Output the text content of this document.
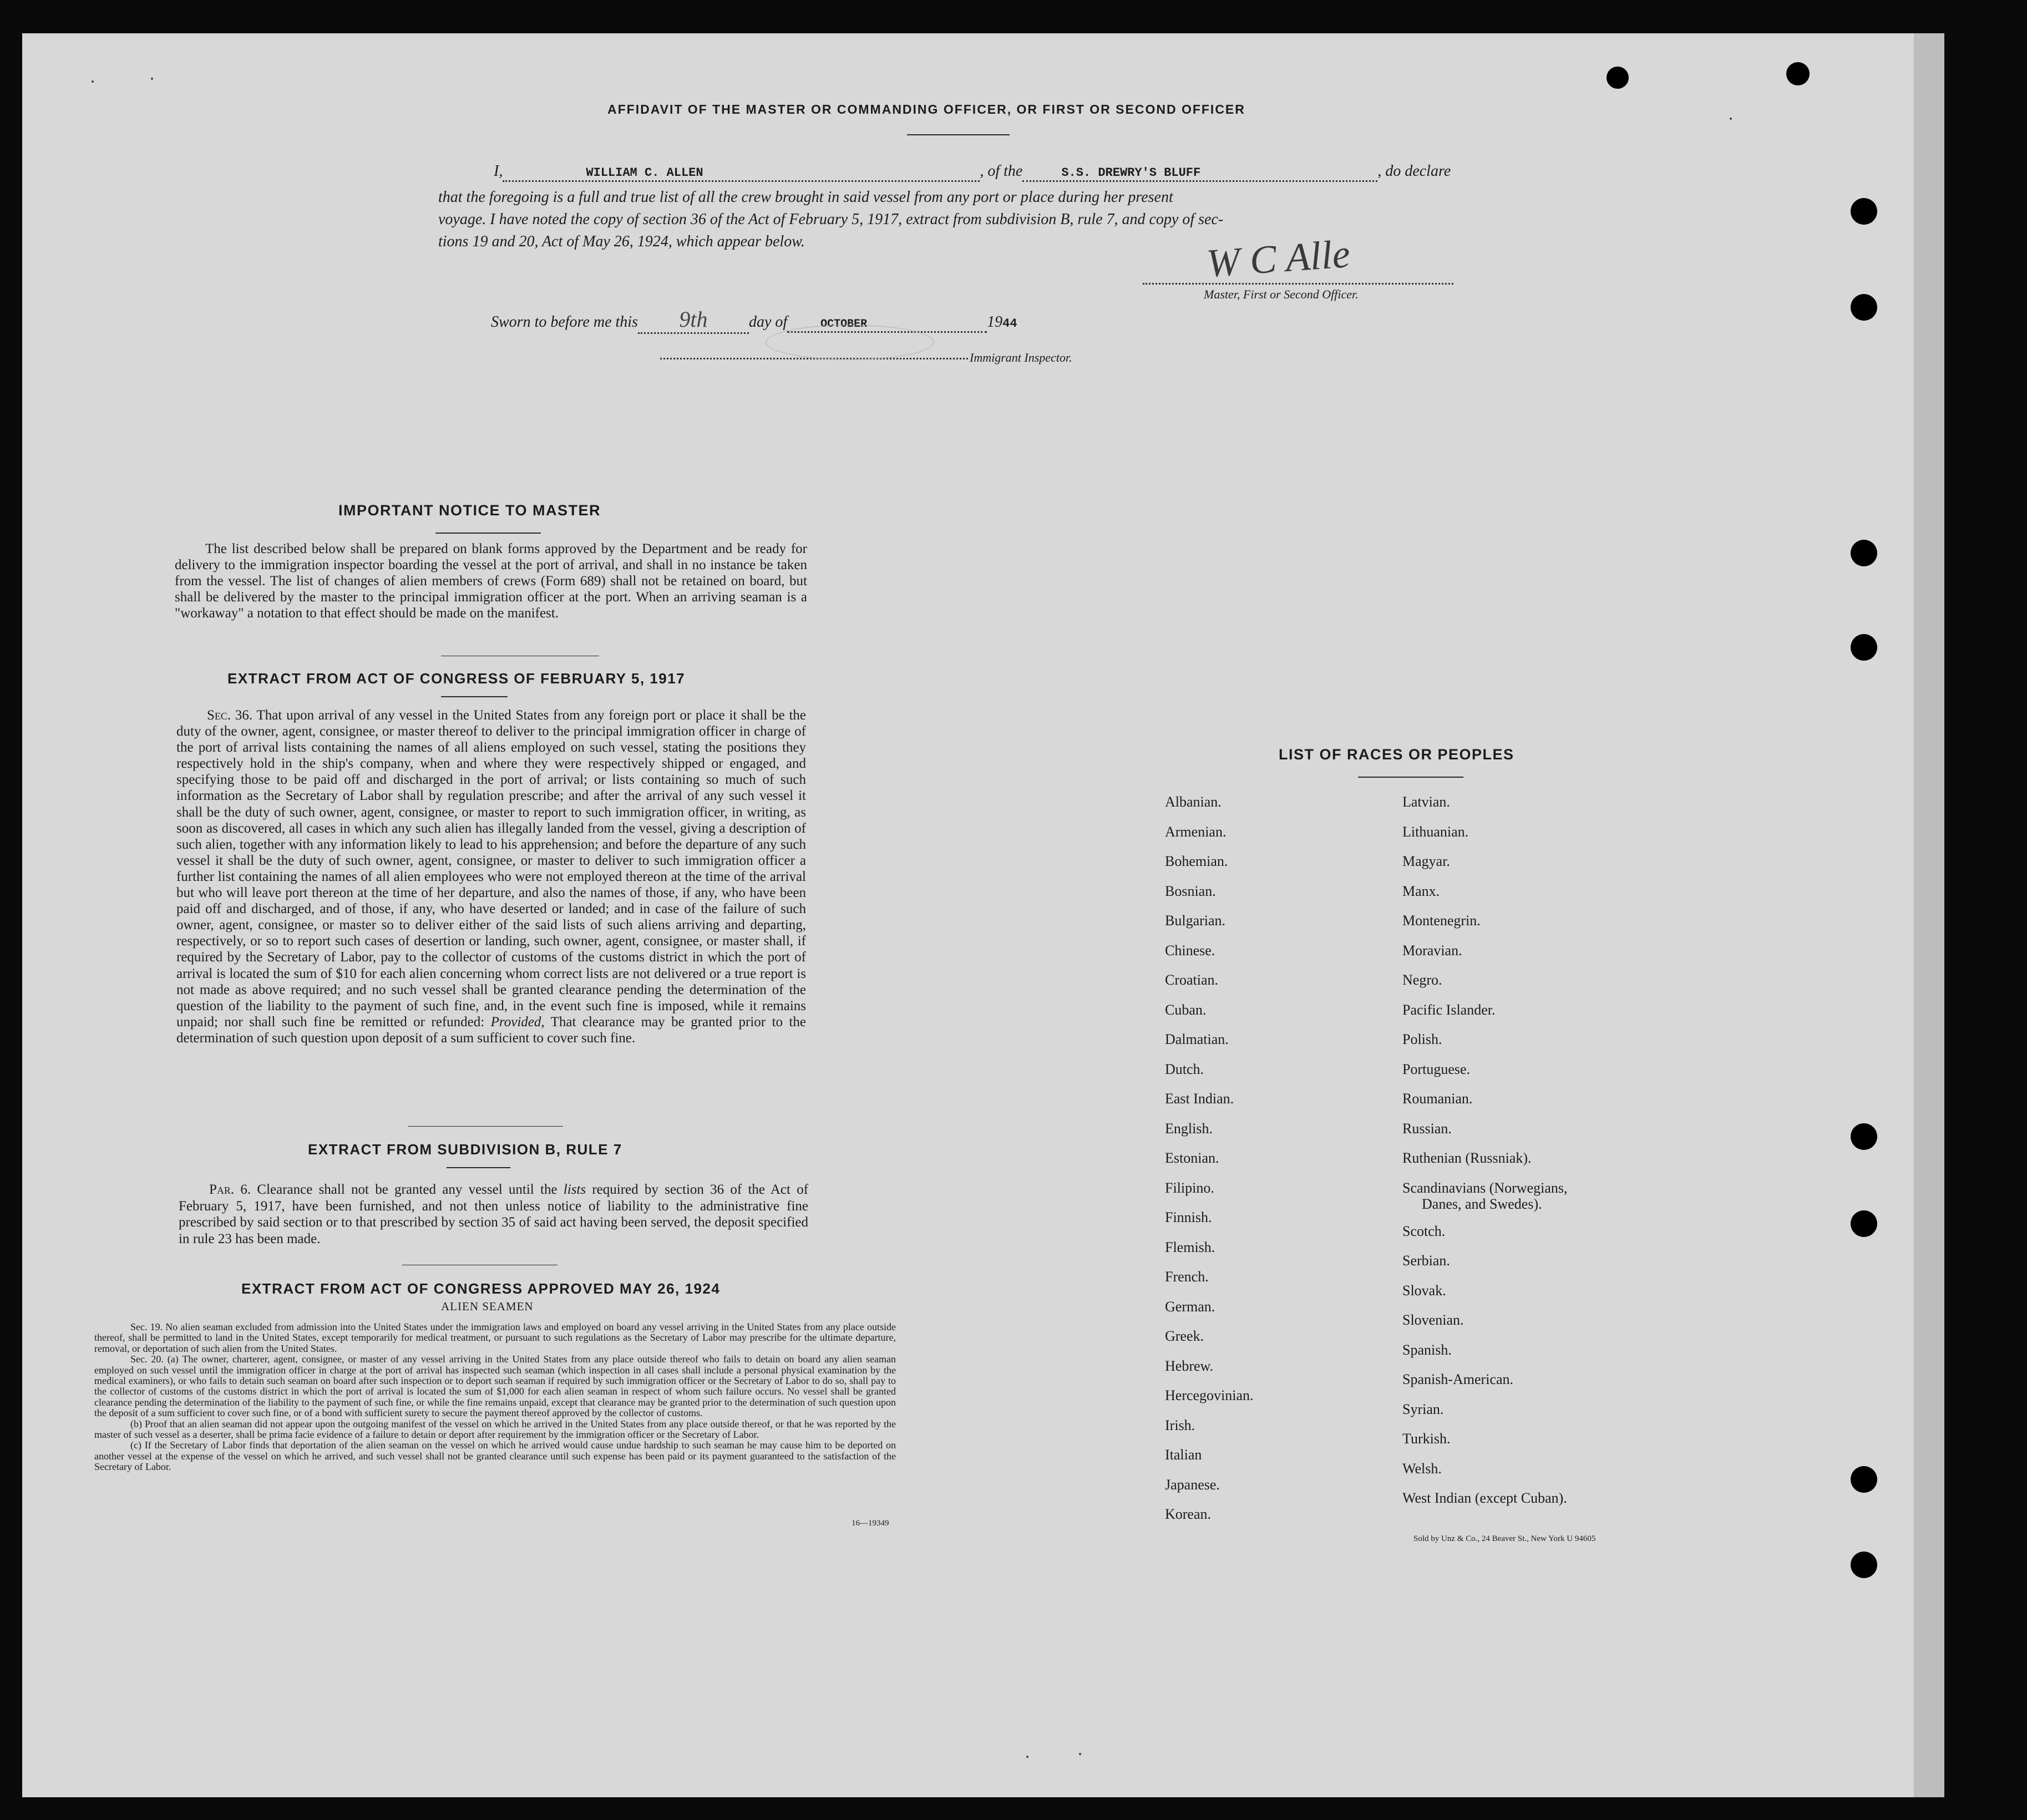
AFFIDAVIT OF THE MASTER OR COMMANDING OFFICER, OR FIRST OR SECOND OFFICER
I,	WILLIAM C. ALLEN	, of the	S.S. DREWRY'S BLUFF	, do declare
that the foregoing is a full and true list of all the crew brought in said vessel from any port or place during her present
voyage. I have noted the copy of section 36 of the Act of February 5, 1917, extract from subdivision B, rule 7, and copy of sec-
tions 19 and 20, Act of May 26, 1924, which appear below.	W C Alle
Master, First or Second Officer.
Sworn to before me this 9th	day of	OCTOBER	1944
Immigrant Inspector.
IMPORTANT NOTICE TO MASTER

The list described below shall be prepared on blank forms approved by the Department and be ready for delivery to the immigration inspector boarding the vessel at the port of arrival, and shall in no instance be taken from the vessel. The list of changes of alien members of crews (Form 689) shall not be retained on board, but shall be delivered by the master to the principal immigration officer at the port. When an arriving seaman is a "workaway" a notation to that effect should be made on the manifest.

EXTRACT FROM ACT OF CONGRESS OF FEBRUARY 5, 1917

Sec. 36. That upon arrival of any vessel in the United States from any foreign port or place it shall be the duty of the owner, agent, consignee, or master thereof to deliver to the principal immigration officer in charge of the port of arrival lists containing the names of all aliens employed on such vessel, stating the positions they respectively hold in the ship's company, when and where they were respectively shipped or engaged, and specifying those to be paid off and discharged in the port of arrival; or lists containing so much of such information as the Secretary of Labor shall by regulation prescribe; and after the arrival of any such vessel it shall be the duty of such owner, agent, consignee, or master to report to such immigration officer, in writing, as soon as discovered, all cases in which any such alien has illegally landed from the vessel, giving a description of such alien, together with any information likely to lead to his apprehension; and before the departure of any such vessel it shall be the duty of such owner, agent, consignee, or master to deliver to such immigration officer a further list containing the names of all alien employees who were not employed thereon at the time of the arrival but who will leave port thereon at the time of her departure, and also the names of those, if any, who have been paid off and discharged, and of those, if any, who have deserted or landed; and in case of the failure of such owner, agent, consignee, or master so to deliver either of the said lists of such aliens arriving and departing, respectively, or so to report such cases of desertion or landing, such owner, agent, consignee, or master shall, if required by the Secretary of Labor, pay to the collector of customs of the customs district in which the port of arrival is located the sum of $10 for each alien concerning whom correct lists are not delivered or a true report is not made as above required; and no such vessel shall be granted clearance pending the determination of the question of the liability to the payment of such fine, and, in the event such fine is imposed, while it remains unpaid; nor shall such fine be remitted or refunded: Provided, That clearance may be granted prior to the determination of such question upon deposit of a sum sufficient to cover such fine.

EXTRACT FROM SUBDIVISION B, RULE 7

Par. 6. Clearance shall not be granted any vessel until the lists required by section 36 of the Act of February 5, 1917, have been furnished, and not then unless notice of liability to the administrative fine prescribed by said section or to that prescribed by section 35 of said act having been served, the deposit specified in rule 23 has been made.

EXTRACT FROM ACT OF CONGRESS APPROVED MAY 26, 1924
ALIEN SEAMEN
Sec. 19. No alien seaman excluded from admission into the United States under the immigration laws and employed on board any vessel arriving in the United States from any place outside thereof, shall be permitted to land in the United States, except temporarily for medical treatment, or pursuant to such regulations as the Secretary of Labor may prescribe for the ultimate departure, removal, or deportation of such alien from the United States.
Sec. 20. (a) The owner, charterer, agent, consignee, or master of any vessel arriving in the United States from any place outside thereof who fails to detain on board any alien seaman employed on such vessel until the immigration officer in charge at the port of arrival has inspected such seaman (which inspection in all cases shall include a personal physical examination by the medical examiners), or who fails to detain such seaman on board after such inspection or to deport such seaman if required by such immigration officer or the Secretary of Labor to do so, shall pay to the collector of customs of the customs district in which the port of arrival is located the sum of $1,000 for each alien seaman in respect of whom such failure occurs. No vessel shall be granted clearance pending the determination of the liability to the payment of such fine, or while the fine remains unpaid, except that clearance may be granted prior to the determination of such question upon the deposit of a sum sufficient to cover such fine, or of a bond with sufficient surety to secure the payment thereof approved by the collector of customs.
(b) Proof that an alien seaman did not appear upon the outgoing manifest of the vessel on which he arrived in the United States from any place outside thereof, or that he was reported by the master of such vessel as a deserter, shall be prima facie evidence of a failure to detain or deport after requirement by the immigration officer or the Secretary of Labor.
(c) If the Secretary of Labor finds that deportation of the alien seaman on the vessel on which he arrived would cause undue hardship to such seaman he may cause him to be deported on another vessel at the expense of the vessel on which he arrived, and such vessel shall not be granted clearance until such expense has been paid or its payment guaranteed to the satisfaction of the Secretary of Labor.
16—19349
LIST OF RACES OR PEOPLES
Albanian.
Armenian.
Bohemian.
Bosnian.
Bulgarian.
Chinese.
Croatian.
Cuban.
Dalmatian.
Dutch.
East Indian.
English.
Estonian.
Filipino.
Finnish.
Flemish.
French.
German.
Greek.
Hebrew.
Hercegovinian.
Irish.
Italian
Japanese.
Korean.
Latvian.
Lithuanian.
Magyar.
Manx.
Montenegrin.
Moravian.
Negro.
Pacific Islander.
Polish.
Portuguese.
Roumanian.
Russian.
Ruthenian (Russniak).
Scandinavians (Norwegians,
Danes, and Swedes).
Scotch.
Serbian.
Slovak.
Slovenian.
Spanish.
Spanish-American.
Syrian.
Turkish.
Welsh.
West Indian (except Cuban).
Sold by Unz & Co., 24 Beaver St., New York U 94605
